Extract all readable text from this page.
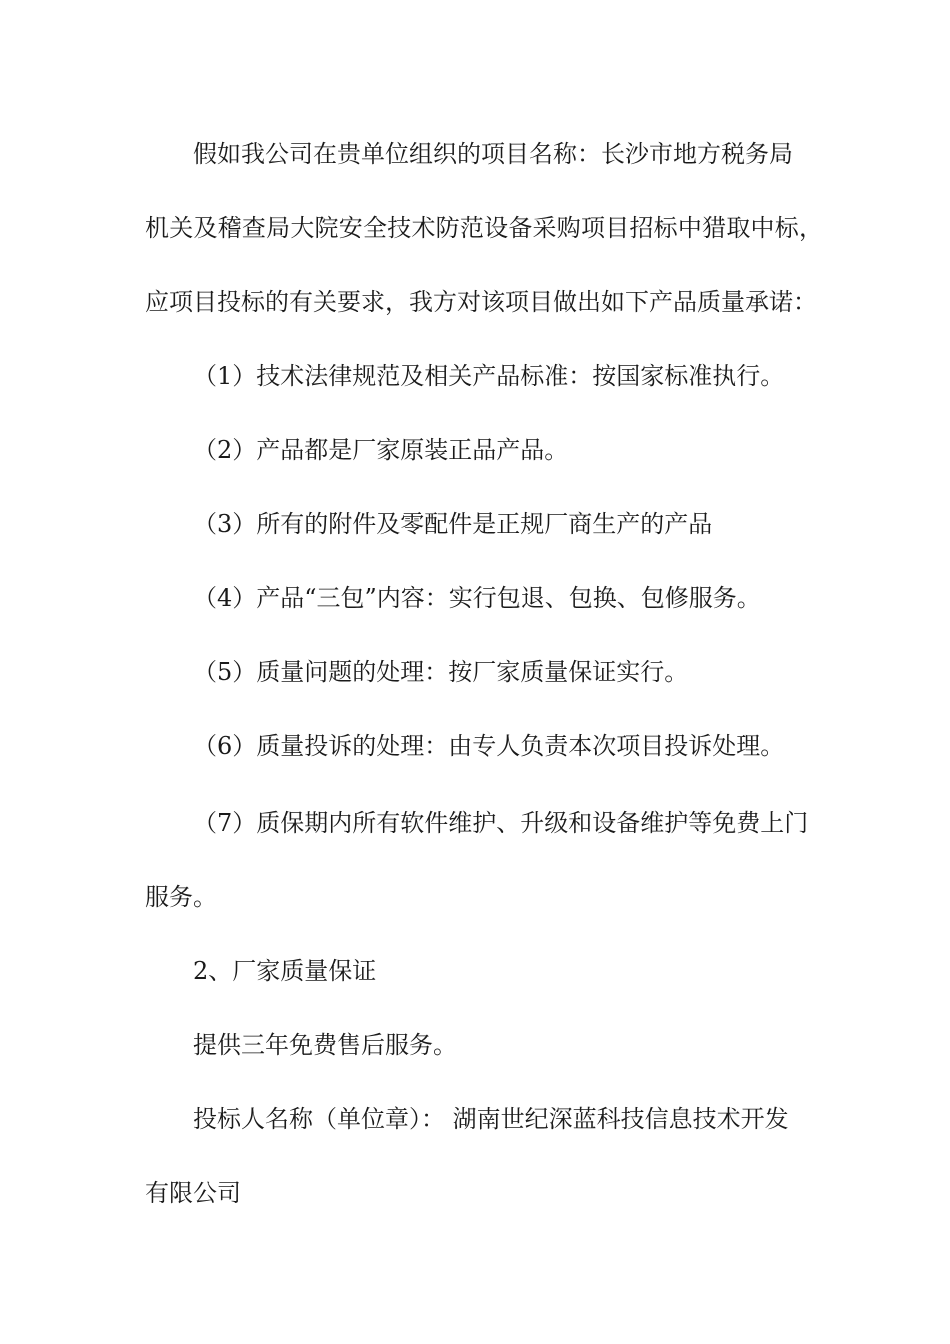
假如我公司在贵单位组织的项目名称：长沙市地方税务局
机关及稽查局大院安全技术防范设备采购项目招标中猎取中标，
应项目投标的有关要求，我方对该项目做出如下产品质量承诺：
（1）技术法律规范及相关产品标准：按国家标准执行。
（2）产品都是厂家原装正品产品。
（3）所有的附件及零配件是正规厂商生产的产品
（4）产品“三包”内容：实行包退、包换、包修服务。
（5）质量问题的处理：按厂家质量保证实行。
（6）质量投诉的处理：由专人负责本次项目投诉处理。
（7）质保期内所有软件维护、升级和设备维护等免费上门
服务。
2、厂家质量保证
提供三年免费售后服务。
投标人名称（单位章）： 湖南世纪深蓝科技信息技术开发
有限公司
